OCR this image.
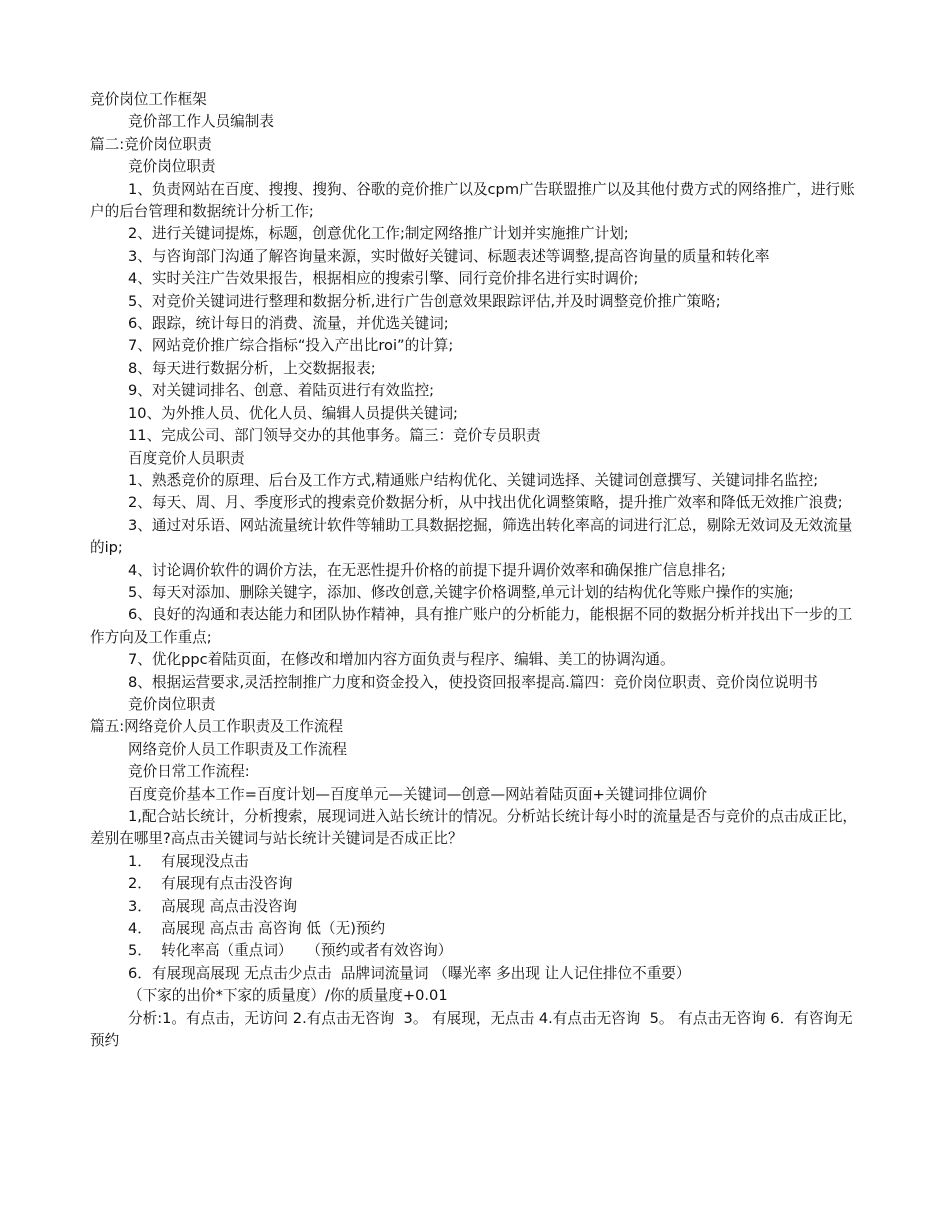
竞价岗位工作框架

竞价部工作人员编制表

篇二:竞价岗位职责

竞价岗位职责

1、负责网站在百度、搜搜、搜狗、谷歌的竞价推广以及cpm广告联盟推广以及其他付费方式的网络推广，进行账户的后台管理和数据统计分析工作;

2、进行关键词提炼，标题，创意优化工作;制定网络推广计划并实施推广计划;

3、与咨询部门沟通了解咨询量来源，实时做好关键词、标题表述等调整,提高咨询量的质量和转化率

4、实时关注广告效果报告，根据相应的搜索引擎、同行竞价排名进行实时调价;

5、对竞价关键词进行整理和数据分析,进行广告创意效果跟踪评估,并及时调整竞价推广策略;

6、跟踪，统计每日的消费、流量，并优选关键词;

7、网站竞价推广综合指标“投入产出比roi”的计算;

8、每天进行数据分析，上交数据报表;

9、对关键词排名、创意、着陆页进行有效监控;

10、为外推人员、优化人员、编辑人员提供关键词;

11、完成公司、部门领导交办的其他事务。篇三：竞价专员职责

百度竞价人员职责

1、熟悉竞价的原理、后台及工作方式,精通账户结构优化、关键词选择、关键词创意撰写、关键词排名监控;

2、每天、周、月、季度形式的搜索竞价数据分析，从中找出优化调整策略，提升推广效率和降低无效推广浪费;

3、通过对乐语、网站流量统计软件等辅助工具数据挖掘，筛选出转化率高的词进行汇总，剔除无效词及无效流量的ip;

4、讨论调价软件的调价方法，在无恶性提升价格的前提下提升调价效率和确保推广信息排名;

5、每天对添加、删除关键字，添加、修改创意,关键字价格调整,单元计划的结构优化等账户操作的实施;

6、良好的沟通和表达能力和团队协作精神，具有推广账户的分析能力，能根据不同的数据分析并找出下一步的工作方向及工作重点;

7、优化ppc着陆页面，在修改和增加内容方面负责与程序、编辑、美工的协调沟通。

8、根据运营要求,灵活控制推广力度和资金投入，使投资回报率提高.篇四：竞价岗位职责、竞价岗位说明书

竞价岗位职责

篇五:网络竞价人员工作职责及工作流程

网络竞价人员工作职责及工作流程

竞价日常工作流程:

百度竞价基本工作=百度计划—百度单元—关键词—创意—网站着陆页面+关键词排位调价

1,配合站长统计，分析搜索，展现词进入站长统计的情况。分析站长统计每小时的流量是否与竞价的点击成正比，差别在哪里?高点击关键词与站长统计关键词是否成正比？

1．  有展现没点击

2．  有展现有点击没咨询

3．  高展现 高点击没咨询

4．  高展现 高点击 高咨询 低（无)预约

5．  转化率高（重点词）   （预约或者有效咨询）

6．有展现高展现 无点击少点击  品牌词流量词 （曝光率 多出现 让人记住排位不重要）

（下家的出价*下家的质量度）/你的质量度+0.01

分析:1。有点击，无访问 2.有点击无咨询  3。 有展现，无点击 4.有点击无咨询  5。 有点击无咨询 6．有咨询无预约
